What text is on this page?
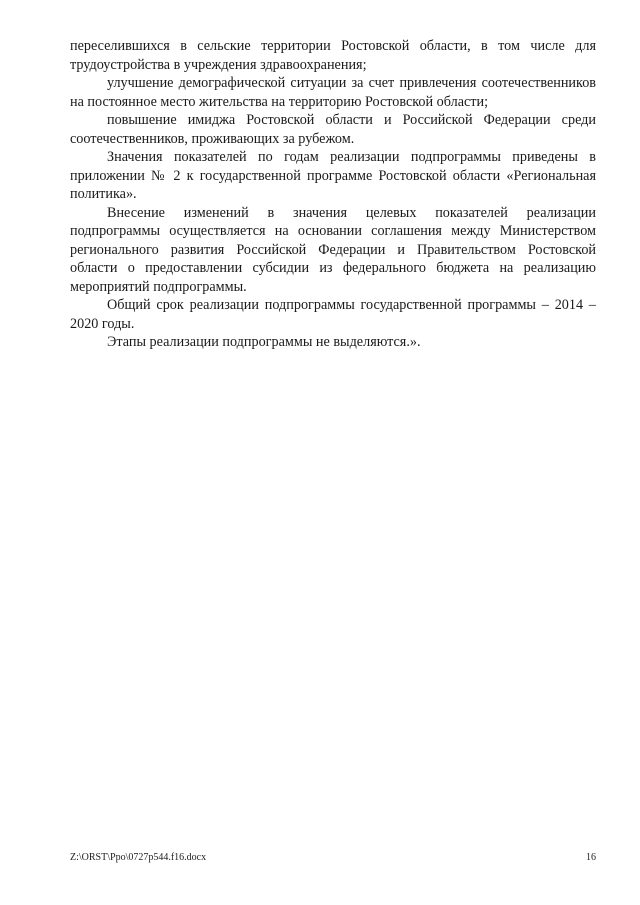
переселившихся в сельские территории Ростовской области, в том числе для трудоустройства в учреждения здравоохранения;

улучшение демографической ситуации за счет привлечения соотечественников на постоянное место жительства на территорию Ростовской области;

повышение имиджа Ростовской области и Российской Федерации среди соотечественников, проживающих за рубежом.

Значения показателей по годам реализации подпрограммы приведены в приложении № 2 к государственной программе Ростовской области «Региональная политика».

Внесение изменений в значения целевых показателей реализации подпрограммы осуществляется на основании соглашения между Министерством регионального развития Российской Федерации и Правительством Ростовской области о предоставлении субсидии из федерального бюджета на реализацию мероприятий подпрограммы.

Общий срок реализации подпрограммы государственной программы – 2014 – 2020 годы.

Этапы реализации подпрограммы не выделяются.».

Z:\ORST\Ppo\0727p544.f16.docx	16
